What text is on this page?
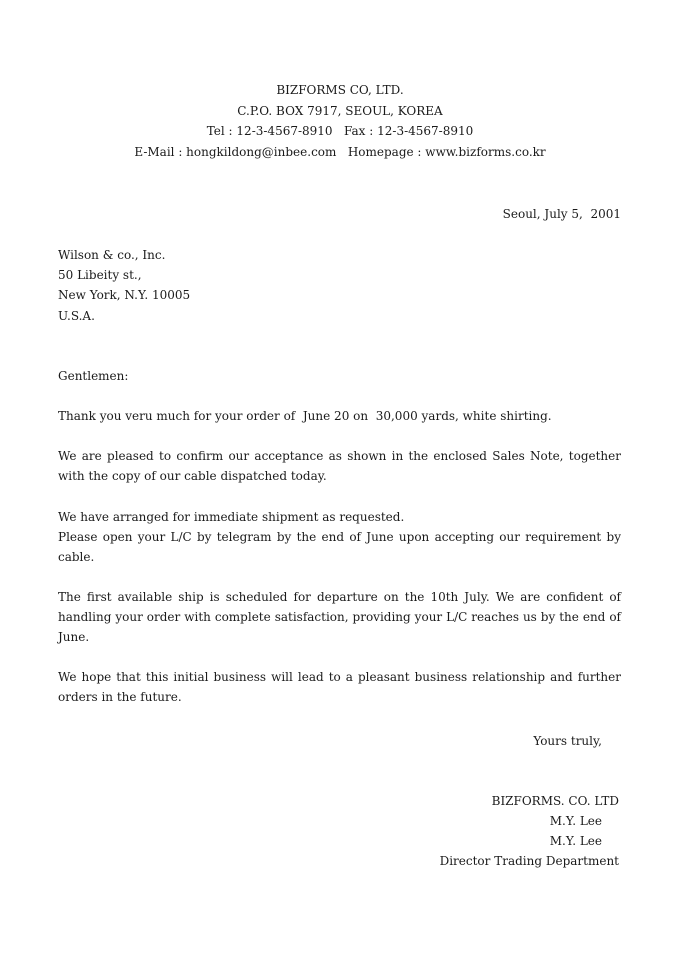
BIZFORMS CO, LTD.
C.P.O. BOX 7917, SEOUL, KOREA
Tel : 12-3-4567-8910   Fax : 12-3-4567-8910
E-Mail : hongkildong@inbee.com   Homepage : www.bizforms.co.kr
Seoul, July 5,  2001
Wilson & co., Inc.
50 Libeity st.,
New York, N.Y. 10005
U.S.A.
Gentlemen:
Thank you veru much for your order of  June 20 on  30,000 yards, white shirting.
We are pleased to confirm our acceptance as shown in the enclosed Sales Note, together
with the copy of our cable dispatched today.
We have arranged for immediate shipment as requested.
Please open your L/C by telegram by the end of June upon accepting our requirement by
cable.
The first available ship is scheduled for departure on the 10th July. We are confident of
handling your order with complete satisfaction, providing your L/C reaches us by the end of
June.
We hope that this initial business will lead to a pleasant business relationship and further
orders in the future.
Yours truly,
BIZFORMS. CO. LTD
M.Y. Lee
M.Y. Lee
Director Trading Department
